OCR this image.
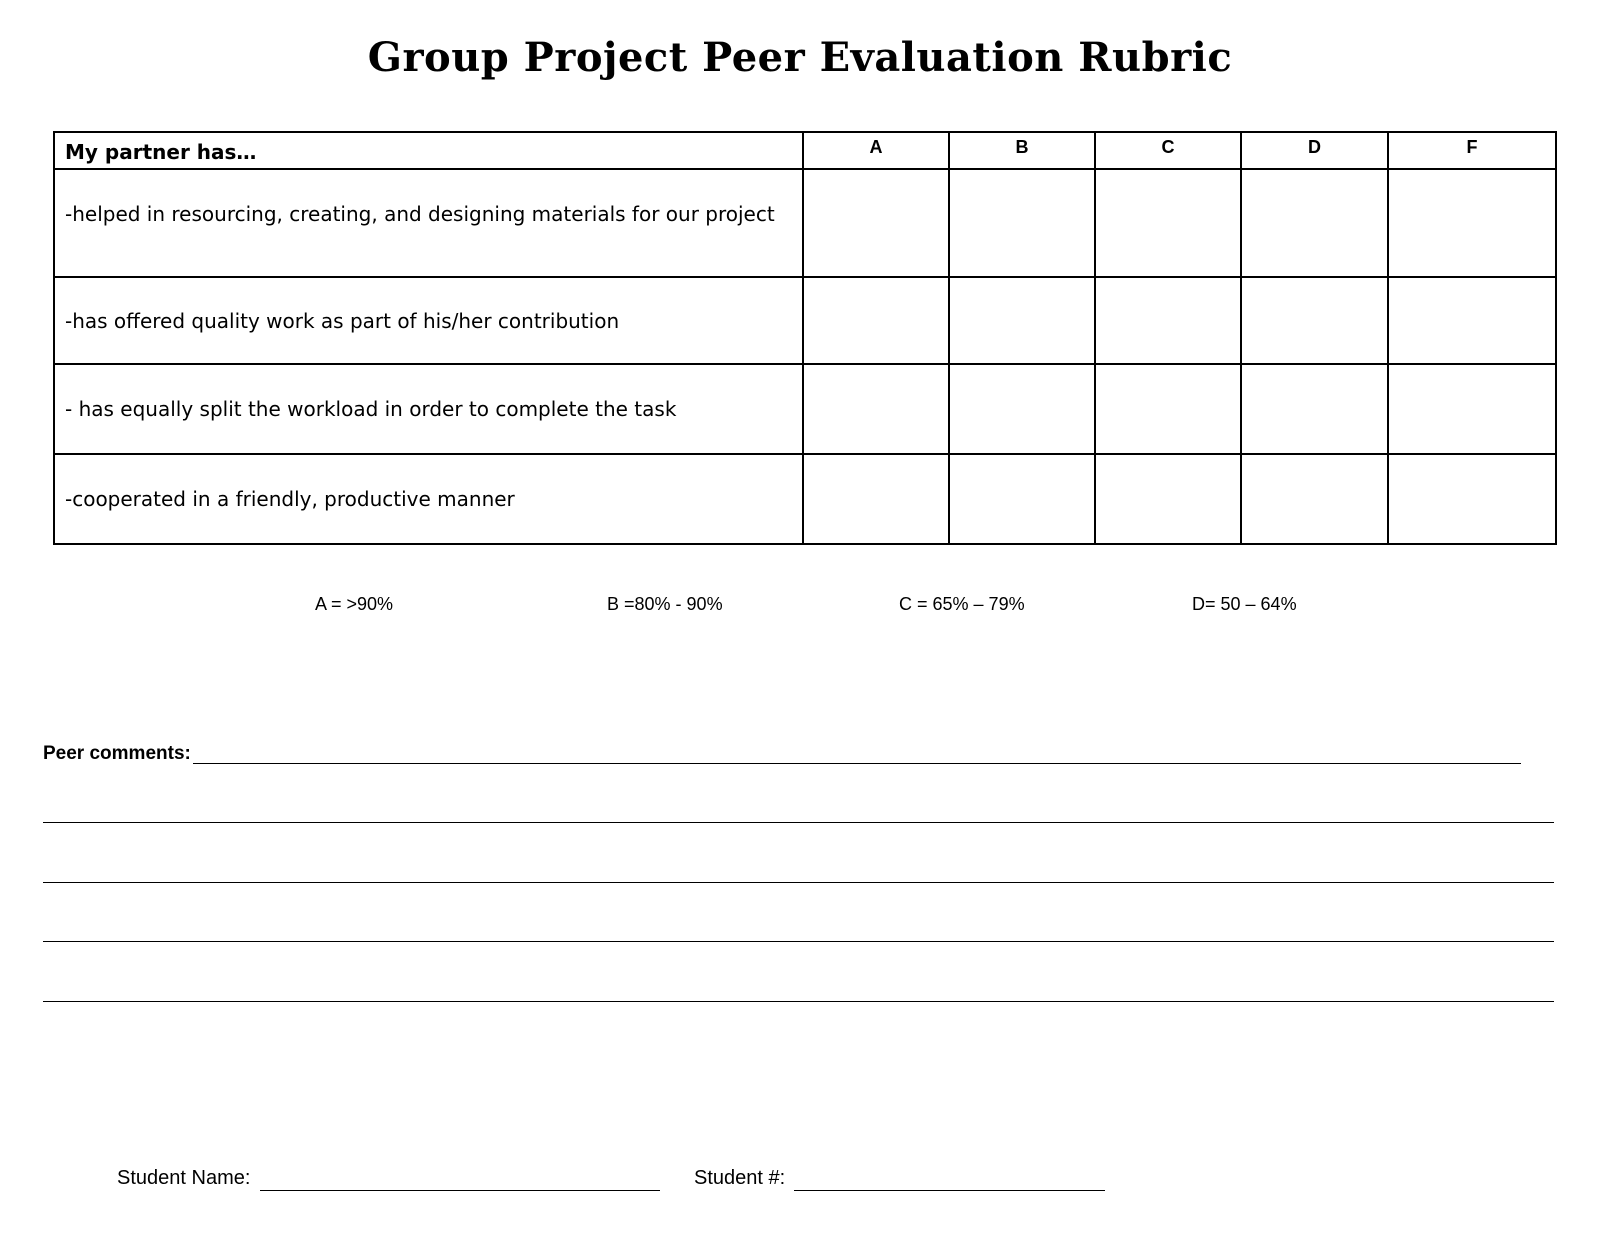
Group Project Peer Evaluation Rubric
My partner has…	A	B	C	D	F
-helped in resourcing, creating, and designing materials for our project					
-has offered quality work as part of his/her contribution					
- has equally split the workload in order to complete the task					
-cooperated in a friendly, productive manner					
A = >90%	B =80% - 90%	C = 65% – 79%	D= 50 – 64%
Peer comments:
Student Name:	Student #:
